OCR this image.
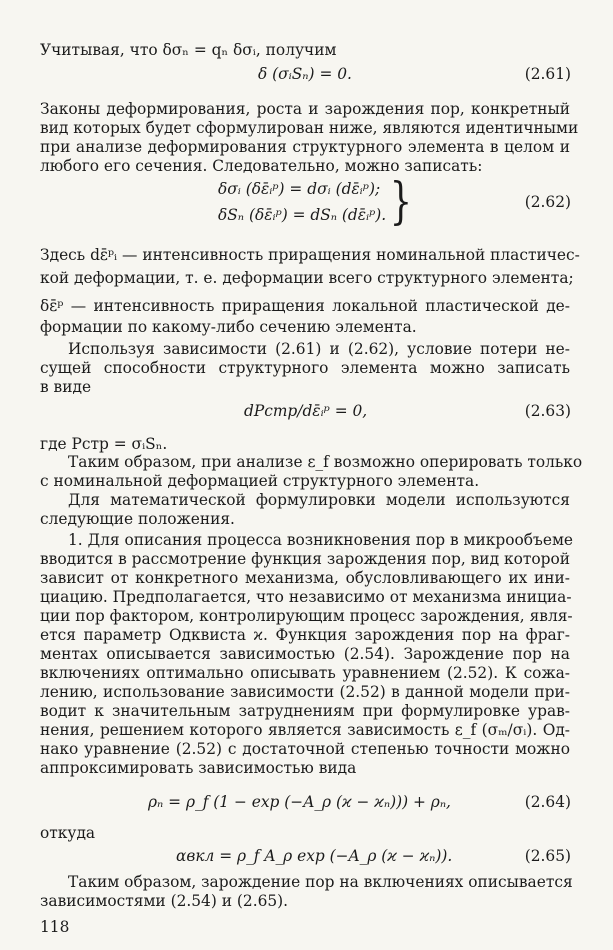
Учитывая, что δσₙ = qₙ δσᵢ, получим
δ (σᵢSₙ) = 0.	(2.61)
Законы деформирования, роста и зарождения пор, конкретный
вид которых будет сформулирован ниже, являются идентичными
при анализе деформирования структурного элемента в целом и
любого его сечения. Следовательно, можно записать:
δσᵢ (δε̄ᵢᵖ) = dσᵢ (dε̄ᵢᵖ);
δSₙ (δε̄ᵢᵖ) = dSₙ (dε̄ᵢᵖ). }	(2.62)
Здесь dε̄ᵖᵢ — интенсивность приращения номинальной пластичес-
кой деформации, т. е. деформации всего структурного элемента;
δε̄ᵖ — интенсивность приращения локальной пластической де-
формации по какому-либо сечению элемента.
Используя зависимости (2.61) и (2.62), условие потери не-
сущей способности структурного элемента можно записать
в виде
dPстр/dε̄ᵢᵖ = 0,	(2.63)
где Pстр = σᵢSₙ.
Таким образом, при анализе ε_f возможно оперировать только
с номинальной деформацией структурного элемента.
Для математической формулировки модели используются
следующие положения.
1. Для описания процесса возникновения пор в микрообъеме
вводится в рассмотрение функция зарождения пор, вид которой
зависит от конкретного механизма, обусловливающего их ини-
циацию. Предполагается, что независимо от механизма инициа-
ции пор фактором, контролирующим процесс зарождения, явля-
ется параметр Одквиста ϰ. Функция зарождения пор на фраг-
ментах описывается зависимостью (2.54). Зарождение пор на
включениях оптимально описывать уравнением (2.52). К сожа-
лению, использование зависимости (2.52) в данной модели при-
водит к значительным затруднениям при формулировке урав-
нения, решением которого является зависимость ε_f (σₘ/σᵢ). Од-
нако уравнение (2.52) с достаточной степенью точности можно
аппроксимировать зависимостью вида
ρₙ = ρ_f (1 − exp (−A_ρ (ϰ − ϰₙ))) + ρₙ,	(2.64)
откуда
αвкл = ρ_f A_ρ exp (−A_ρ (ϰ − ϰₙ)).	(2.65)
Таким образом, зарождение пор на включениях описывается
зависимостями (2.54) и (2.65).
118
